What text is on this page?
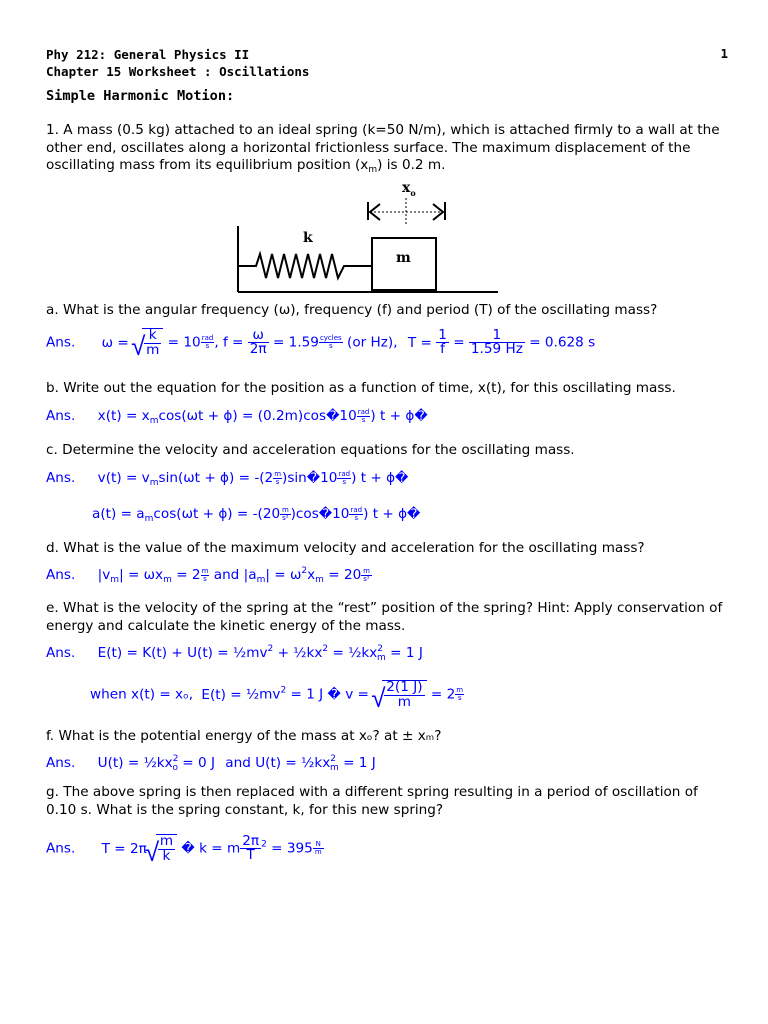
Phy 212: General Physics II
Chapter 15 Worksheet : Oscillations
1
Simple Harmonic Motion:
1. A mass (0.5 kg) attached to an ideal spring (k=50 N/m), which is attached firmly to a wall at the other end, oscillates along a horizontal frictionless surface. The maximum displacement of the oscillating mass from its equilibrium position $(x_m)$ is 0.2 m.
$x_o$
k
m
a. What is the angular frequency (ω), frequency (f) and period (T) of the oscillating mass?
Ans. ω = √ $\frac{k}{m} = 10 \frac{\text{rad}}{s}$ , $f = \frac{\omega}{2\pi} = 1.59 \frac{\text{cycles}}{s} (or$ Hz), $T = \frac{1}{f} = \frac{1}{1.59 Hz} = 0.628$ s
b. Write out the equation for the position as a function of time, x(t), for this oscillating mass.
Ans. $x(t) = x_m\cos(\omega t + \phi)$ = (0.2m)cos�10 $\frac{\text{rad}}{s}$ ) t + ϕ�
c. Determine the velocity and acceleration equations for the oscillating mass.
Ans. $v(t) = v_m\sin(\omega t + \phi) = -(2 \frac{m}{s}$ )sin�10 $\frac{\text{rad}}{s}$ ) t + ϕ�
$a(t) = a_m\cos(\omega t + \phi) = -(20 \frac{m}{\text{s²}}$ )cos�10 $\frac{\text{rad}}{s}$ ) t + ϕ�
d. What is the value of the maximum velocity and acceleration for the oscillating mass?
Ans. $|v_m| = \omega x_m = 2 \frac{m}{s}$ and $|a_m| = \omega^2x_m = 20 \frac{m}{\text{s²}}$
e. What is the velocity of the spring at the “rest” position of the spring? Hint: Apply conservation of energy and calculate the kinetic energy of the mass.
Ans. $E(t) = K(t) + U(t) = \frac{1}{2}mv^2$ + $\frac{1}{2}kx^2$ = $\frac{1}{2}kx^2_m = 1$ J
when x(t) = xₒ, $E(t) = \frac{1}{2}mv^2 = 1$ J � v = √ $\frac{2(1 J)}{m} = 2 \frac{m}{s}$
f. What is the potential energy of the mass at xₒ? at ± xₘ?
Ans. $U(t) = \frac{1}{2}kx^2_o = 0$ J and $U(t) = \frac{1}{2}kx^2_m = 1$ J
g. The above spring is then replaced with a different spring resulting in a period of oscillation of 0.10 s. What is the spring constant, k, for this new spring?
Ans. T = 2π √ $\frac{m}{k}$ � k = m $\frac{2\pi}{T} ^2 = 395 \frac{N}{m}$
